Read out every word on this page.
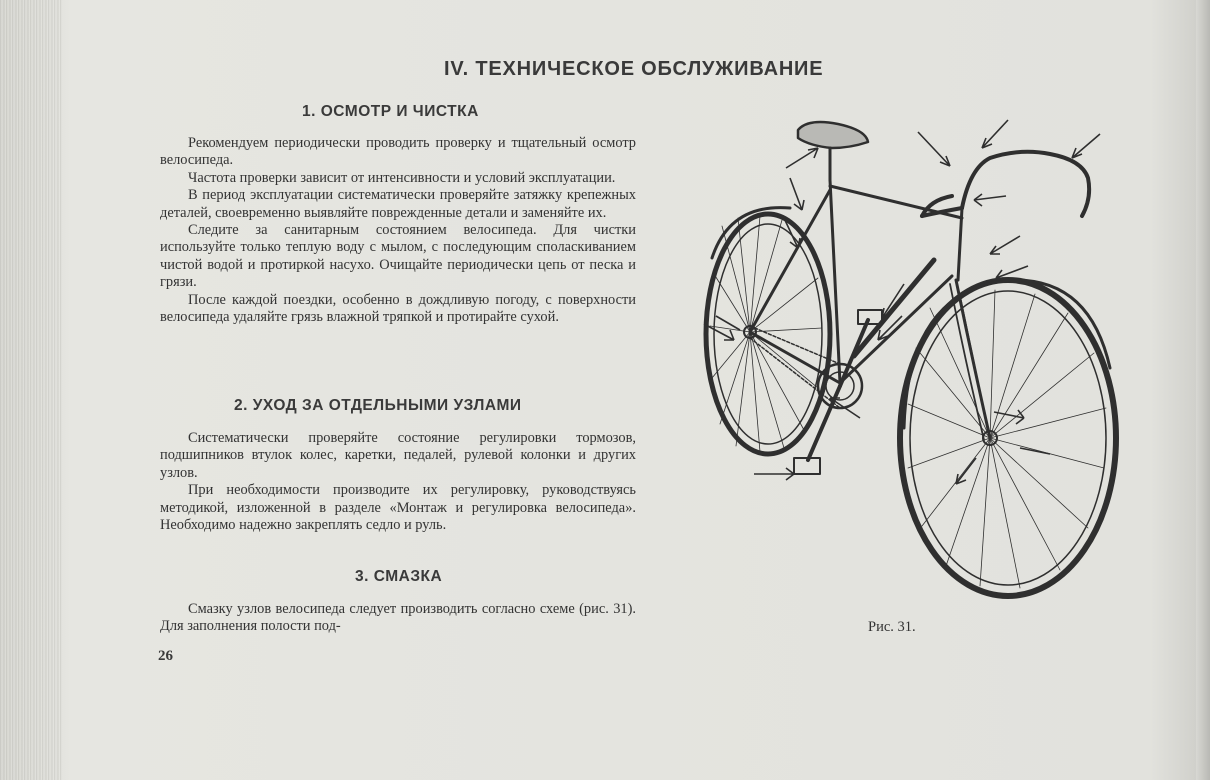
IV. ТЕХНИЧЕСКОЕ ОБСЛУЖИВАНИЕ
1. ОСМОТР И ЧИСТКА

Рекомендуем периодически проводить проверку и тщательный осмотр велосипеда.

Частота проверки зависит от интенсивности и условий эксплуатации.

В период эксплуатации систематически проверяйте затяжку крепежных деталей, своевременно выявляйте поврежденные детали и заменяйте их.

Следите за санитарным состоянием велосипеда. Для чистки используйте только теплую воду с мылом, с последующим споласкиванием чистой водой и протиркой насухо. Очищайте периодически цепь от песка и грязи.

После каждой поездки, особенно в дождливую погоду, с поверхности велосипеда удаляйте грязь влажной тряпкой и протирайте сухой.

2. УХОД ЗА ОТДЕЛЬНЫМИ УЗЛАМИ

Систематически проверяйте состояние регулировки тормозов, подшипников втулок колес, каретки, педалей, рулевой колонки и других узлов.

При необходимости производите их регулировку, руководствуясь методикой, изложенной в разделе «Монтаж и регулировка велосипеда». Необходимо надежно закреплять седло и руль.

3. СМАЗКА

Смазку узлов велосипеда следует производить согласно схеме (рис. 31). Для заполнения полости под-

26
Рис. 31.
